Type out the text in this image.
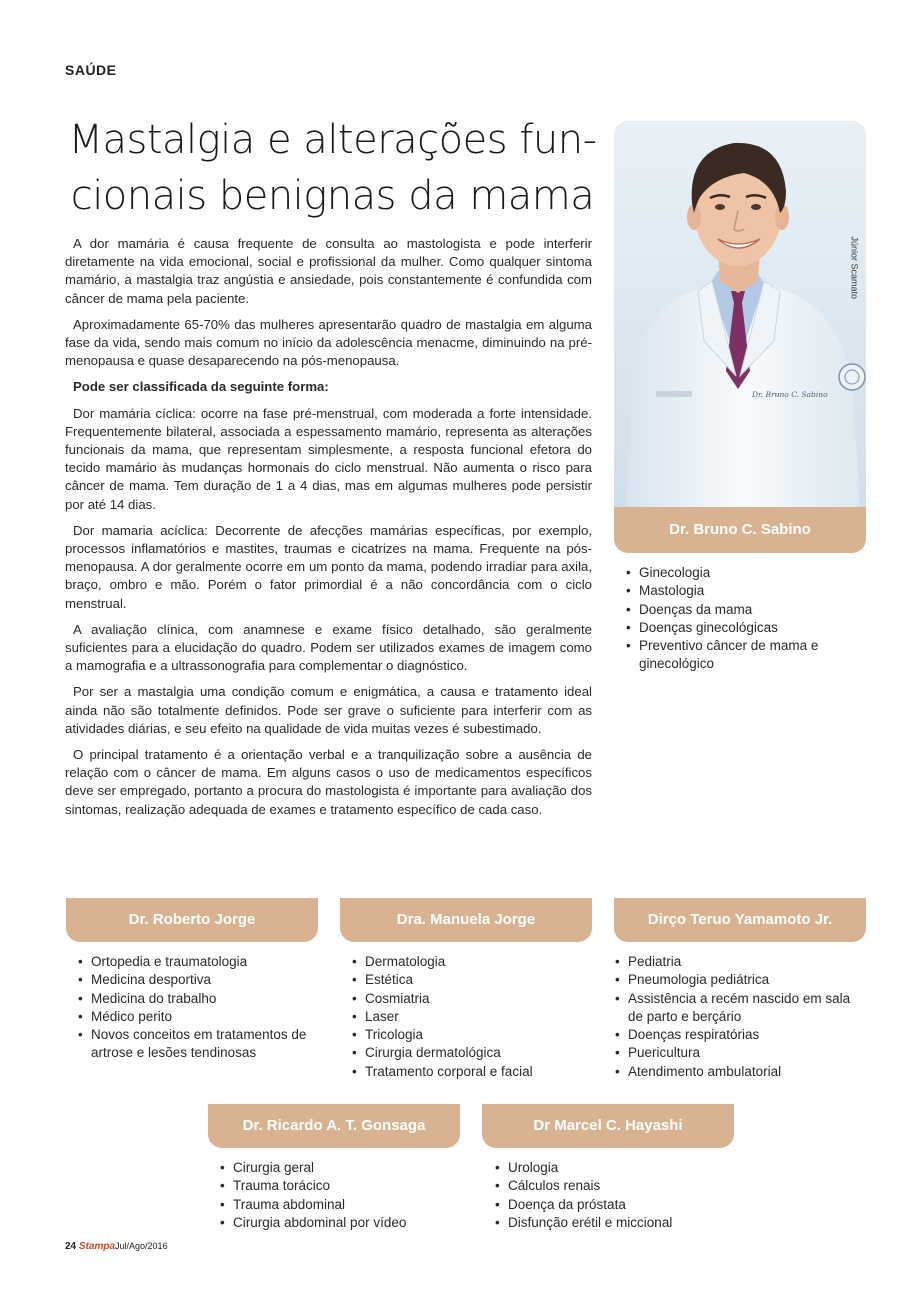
SAÚDE
Mastalgia e alterações fun-
cionais benignas da mama

A dor mamária é causa frequente de consulta ao mastologista e pode interferir diretamente na vida emocional, social e profissional da mulher. Como qualquer sintoma mamário, a mastalgia traz angústia e ansiedade, pois constantemente é confundida com câncer de mama pela paciente.

Aproximadamente 65-70% das mulheres apresentarão quadro de mastalgia em alguma fase da vida, sendo mais comum no início da adolescência menacme, diminuindo na pré-menopausa e quase desaparecendo na pós-menopausa.

Pode ser classificada da seguinte forma:

Dor mamária cíclica: ocorre na fase pré-menstrual, com moderada a forte intensidade. Frequentemente bilateral, associada a espessamento mamário, representa as alterações funcionais da mama, que representam simplesmente, a resposta funcional efetora do tecido mamário às mudanças hormonais do ciclo menstrual. Não aumenta o risco para câncer de mama. Tem duração de 1 a 4 dias, mas em algumas mulheres pode persistir por até 14 dias.

Dor mamaria acíclica: Decorrente de afecções mamárias específicas, por exemplo, processos inflamatórios e mastites, traumas e cicatrizes na mama. Frequente na pós- menopausa. A dor geralmente ocorre em um ponto da mama, podendo irradiar para axila, braço, ombro e mão. Porém o fator primordial é a não concordância com o ciclo menstrual.

A avaliação clínica, com anamnese e exame físico detalhado, são geralmente suficientes para a elucidação do quadro. Podem ser utilizados exames de imagem como a mamografia e a ultrassonografia para complementar o diagnóstico.

Por ser a mastalgia uma condição comum e enigmática, a causa e tratamento ideal ainda não são totalmente definidos. Pode ser grave o suficiente para interferir com as atividades diárias, e seu efeito na qualidade de vida muitas vezes é subestimado.

O principal tratamento é a orientação verbal e a tranquilização sobre a ausência de relação com o câncer de mama. Em alguns casos o uso de medicamentos específicos deve ser empregado, portanto a procura do mastologista é importante para avaliação dos sintomas, realização adequada de exames e tratamento específico de cada caso.

Dr. Bruno C. Sabino
Júnior Scamato
Dr. Bruno C. Sabino
• Ginecologia
• Mastologia
• Doenças da mama
• Doenças ginecológicas
• Preventivo câncer de mama e ginecológico
Dr. Roberto Jorge
• Ortopedia e traumatologia
• Medicina desportiva
• Medicina do trabalho
• Médico perito
• Novos conceitos em tratamentos de artrose e lesões tendinosas
Dra. Manuela Jorge
• Dermatologia
• Estética
• Cosmiatria
• Laser
• Tricologia
• Cirurgia dermatológica
• Tratamento corporal e facial
Dirço Teruo Yamamoto Jr.
• Pediatria
• Pneumologia pediátrica
• Assistência a recém nascido em sala de parto e berçário
• Doenças respiratórias
• Puericultura
• Atendimento ambulatorial
Dr. Ricardo A. T. Gonsaga
• Cirurgia geral
• Trauma torácico
• Trauma abdominal
• Cirurgia abdominal por vídeo
Dr Marcel C. Hayashi
• Urologia
• Cálculos renais
• Doença da próstata
• Disfunção erétil e miccional
24 StampaJul/Ago/2016
